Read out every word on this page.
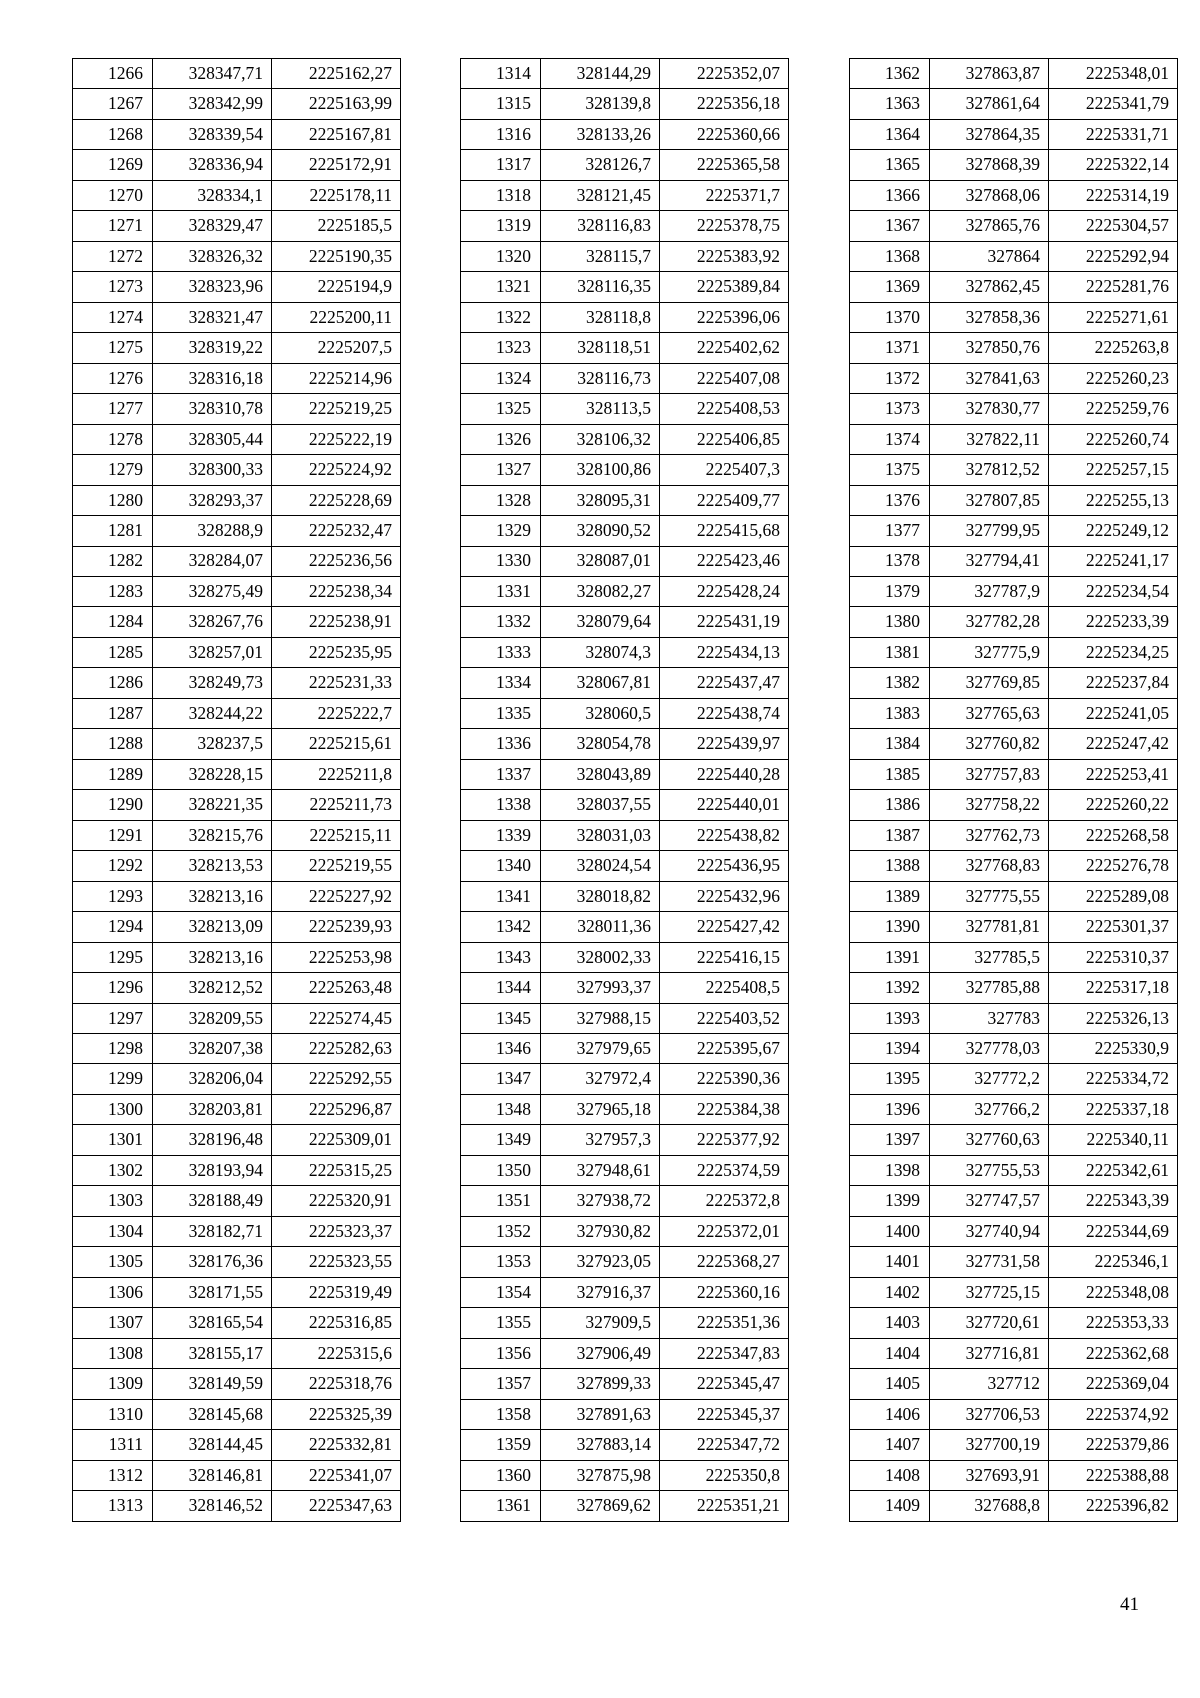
1266	328347,71	2225162,27
1267	328342,99	2225163,99
1268	328339,54	2225167,81
1269	328336,94	2225172,91
1270	328334,1	2225178,11
1271	328329,47	2225185,5
1272	328326,32	2225190,35
1273	328323,96	2225194,9
1274	328321,47	2225200,11
1275	328319,22	2225207,5
1276	328316,18	2225214,96
1277	328310,78	2225219,25
1278	328305,44	2225222,19
1279	328300,33	2225224,92
1280	328293,37	2225228,69
1281	328288,9	2225232,47
1282	328284,07	2225236,56
1283	328275,49	2225238,34
1284	328267,76	2225238,91
1285	328257,01	2225235,95
1286	328249,73	2225231,33
1287	328244,22	2225222,7
1288	328237,5	2225215,61
1289	328228,15	2225211,8
1290	328221,35	2225211,73
1291	328215,76	2225215,11
1292	328213,53	2225219,55
1293	328213,16	2225227,92
1294	328213,09	2225239,93
1295	328213,16	2225253,98
1296	328212,52	2225263,48
1297	328209,55	2225274,45
1298	328207,38	2225282,63
1299	328206,04	2225292,55
1300	328203,81	2225296,87
1301	328196,48	2225309,01
1302	328193,94	2225315,25
1303	328188,49	2225320,91
1304	328182,71	2225323,37
1305	328176,36	2225323,55
1306	328171,55	2225319,49
1307	328165,54	2225316,85
1308	328155,17	2225315,6
1309	328149,59	2225318,76
1310	328145,68	2225325,39
1311	328144,45	2225332,81
1312	328146,81	2225341,07
1313	328146,52	2225347,63
1314	328144,29	2225352,07
1315	328139,8	2225356,18
1316	328133,26	2225360,66
1317	328126,7	2225365,58
1318	328121,45	2225371,7
1319	328116,83	2225378,75
1320	328115,7	2225383,92
1321	328116,35	2225389,84
1322	328118,8	2225396,06
1323	328118,51	2225402,62
1324	328116,73	2225407,08
1325	328113,5	2225408,53
1326	328106,32	2225406,85
1327	328100,86	2225407,3
1328	328095,31	2225409,77
1329	328090,52	2225415,68
1330	328087,01	2225423,46
1331	328082,27	2225428,24
1332	328079,64	2225431,19
1333	328074,3	2225434,13
1334	328067,81	2225437,47
1335	328060,5	2225438,74
1336	328054,78	2225439,97
1337	328043,89	2225440,28
1338	328037,55	2225440,01
1339	328031,03	2225438,82
1340	328024,54	2225436,95
1341	328018,82	2225432,96
1342	328011,36	2225427,42
1343	328002,33	2225416,15
1344	327993,37	2225408,5
1345	327988,15	2225403,52
1346	327979,65	2225395,67
1347	327972,4	2225390,36
1348	327965,18	2225384,38
1349	327957,3	2225377,92
1350	327948,61	2225374,59
1351	327938,72	2225372,8
1352	327930,82	2225372,01
1353	327923,05	2225368,27
1354	327916,37	2225360,16
1355	327909,5	2225351,36
1356	327906,49	2225347,83
1357	327899,33	2225345,47
1358	327891,63	2225345,37
1359	327883,14	2225347,72
1360	327875,98	2225350,8
1361	327869,62	2225351,21
1362	327863,87	2225348,01
1363	327861,64	2225341,79
1364	327864,35	2225331,71
1365	327868,39	2225322,14
1366	327868,06	2225314,19
1367	327865,76	2225304,57
1368	327864	2225292,94
1369	327862,45	2225281,76
1370	327858,36	2225271,61
1371	327850,76	2225263,8
1372	327841,63	2225260,23
1373	327830,77	2225259,76
1374	327822,11	2225260,74
1375	327812,52	2225257,15
1376	327807,85	2225255,13
1377	327799,95	2225249,12
1378	327794,41	2225241,17
1379	327787,9	2225234,54
1380	327782,28	2225233,39
1381	327775,9	2225234,25
1382	327769,85	2225237,84
1383	327765,63	2225241,05
1384	327760,82	2225247,42
1385	327757,83	2225253,41
1386	327758,22	2225260,22
1387	327762,73	2225268,58
1388	327768,83	2225276,78
1389	327775,55	2225289,08
1390	327781,81	2225301,37
1391	327785,5	2225310,37
1392	327785,88	2225317,18
1393	327783	2225326,13
1394	327778,03	2225330,9
1395	327772,2	2225334,72
1396	327766,2	2225337,18
1397	327760,63	2225340,11
1398	327755,53	2225342,61
1399	327747,57	2225343,39
1400	327740,94	2225344,69
1401	327731,58	2225346,1
1402	327725,15	2225348,08
1403	327720,61	2225353,33
1404	327716,81	2225362,68
1405	327712	2225369,04
1406	327706,53	2225374,92
1407	327700,19	2225379,86
1408	327693,91	2225388,88
1409	327688,8	2225396,82
41
